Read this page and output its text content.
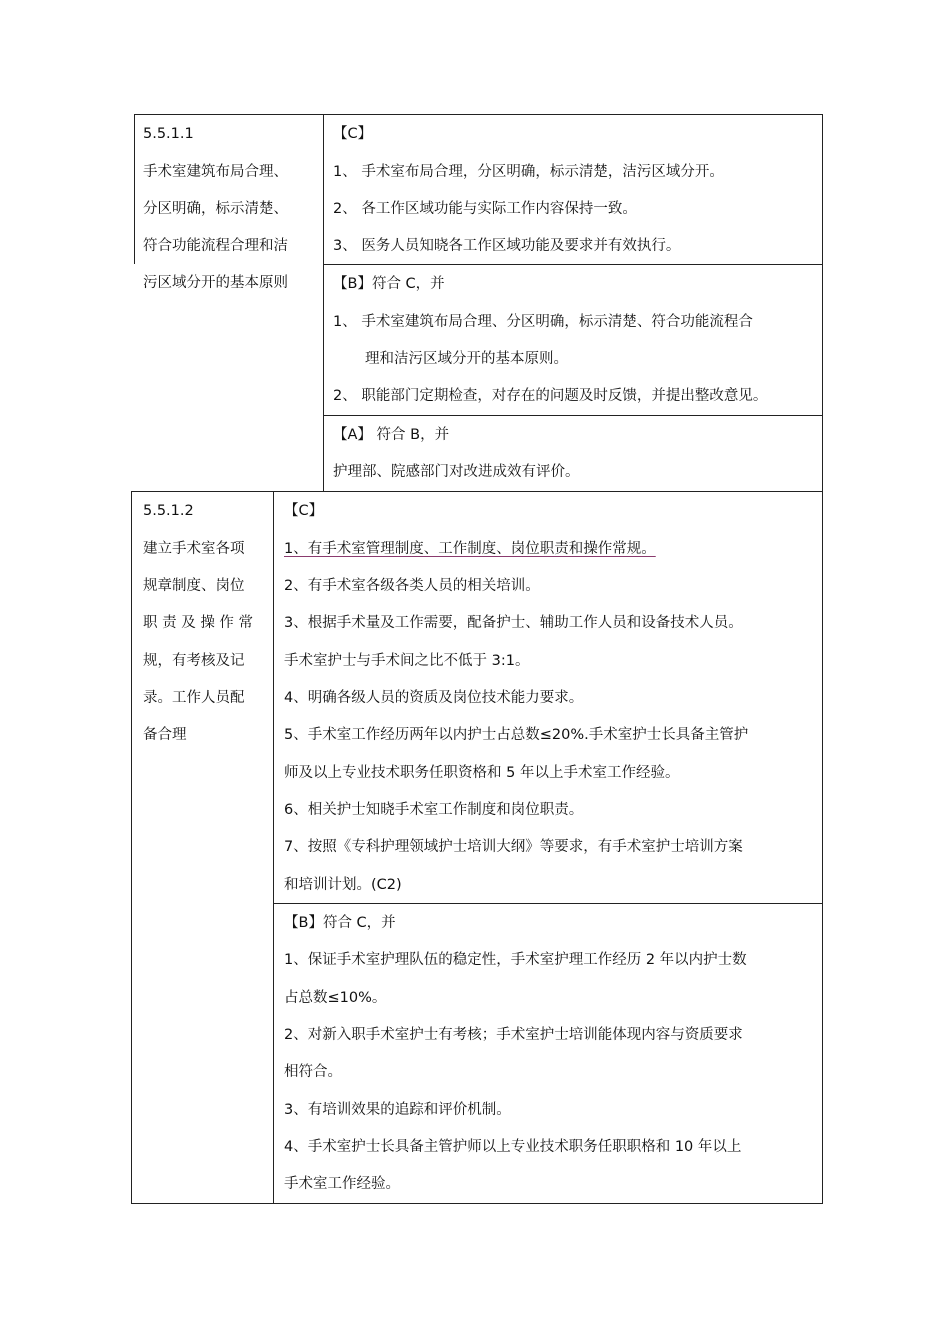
5.5.1.1
手术室建筑布局合理、
分区明确，标示清楚、
符合功能流程合理和洁
污区域分开的基本原则
【C】
1、 手术室布局合理，分区明确，标示清楚，洁污区域分开。
2、 各工作区域功能与实际工作内容保持一致。
3、 医务人员知晓各工作区域功能及要求并有效执行。
【B】符合 C，并
1、 手术室建筑布局合理、分区明确，标示清楚、符合功能流程合
理和洁污区域分开的基本原则。
2、 职能部门定期检查，对存在的问题及时反馈，并提出整改意见。
【A】 符合 B，并
护理部、院感部门对改进成效有评价。
5.5.1.2
建立手术室各项
规章制度、岗位
职 责 及 操 作 常
规，有考核及记
录。工作人员配
备合理
【C】
1、有手术室管理制度、工作制度、岗位职责和操作常规。
2、有手术室各级各类人员的相关培训。
3、根据手术量及工作需要，配备护士、辅助工作人员和设备技术人员。
手术室护士与手术间之比不低于 3:1。
4、明确各级人员的资质及岗位技术能力要求。
5、手术室工作经历两年以内护士占总数≤20%.手术室护士长具备主管护
师及以上专业技术职务任职资格和 5 年以上手术室工作经验。
6、相关护士知晓手术室工作制度和岗位职责。
7、按照《专科护理领域护士培训大纲》等要求，有手术室护士培训方案
和培训计划。(C2)
【B】符合 C，并
1、保证手术室护理队伍的稳定性，手术室护理工作经历 2 年以内护士数
占总数≤10%。
2、对新入职手术室护士有考核；手术室护士培训能体现内容与资质要求
相符合。
3、有培训效果的追踪和评价机制。
4、手术室护士长具备主管护师以上专业技术职务任职职格和 10 年以上
手术室工作经验。
